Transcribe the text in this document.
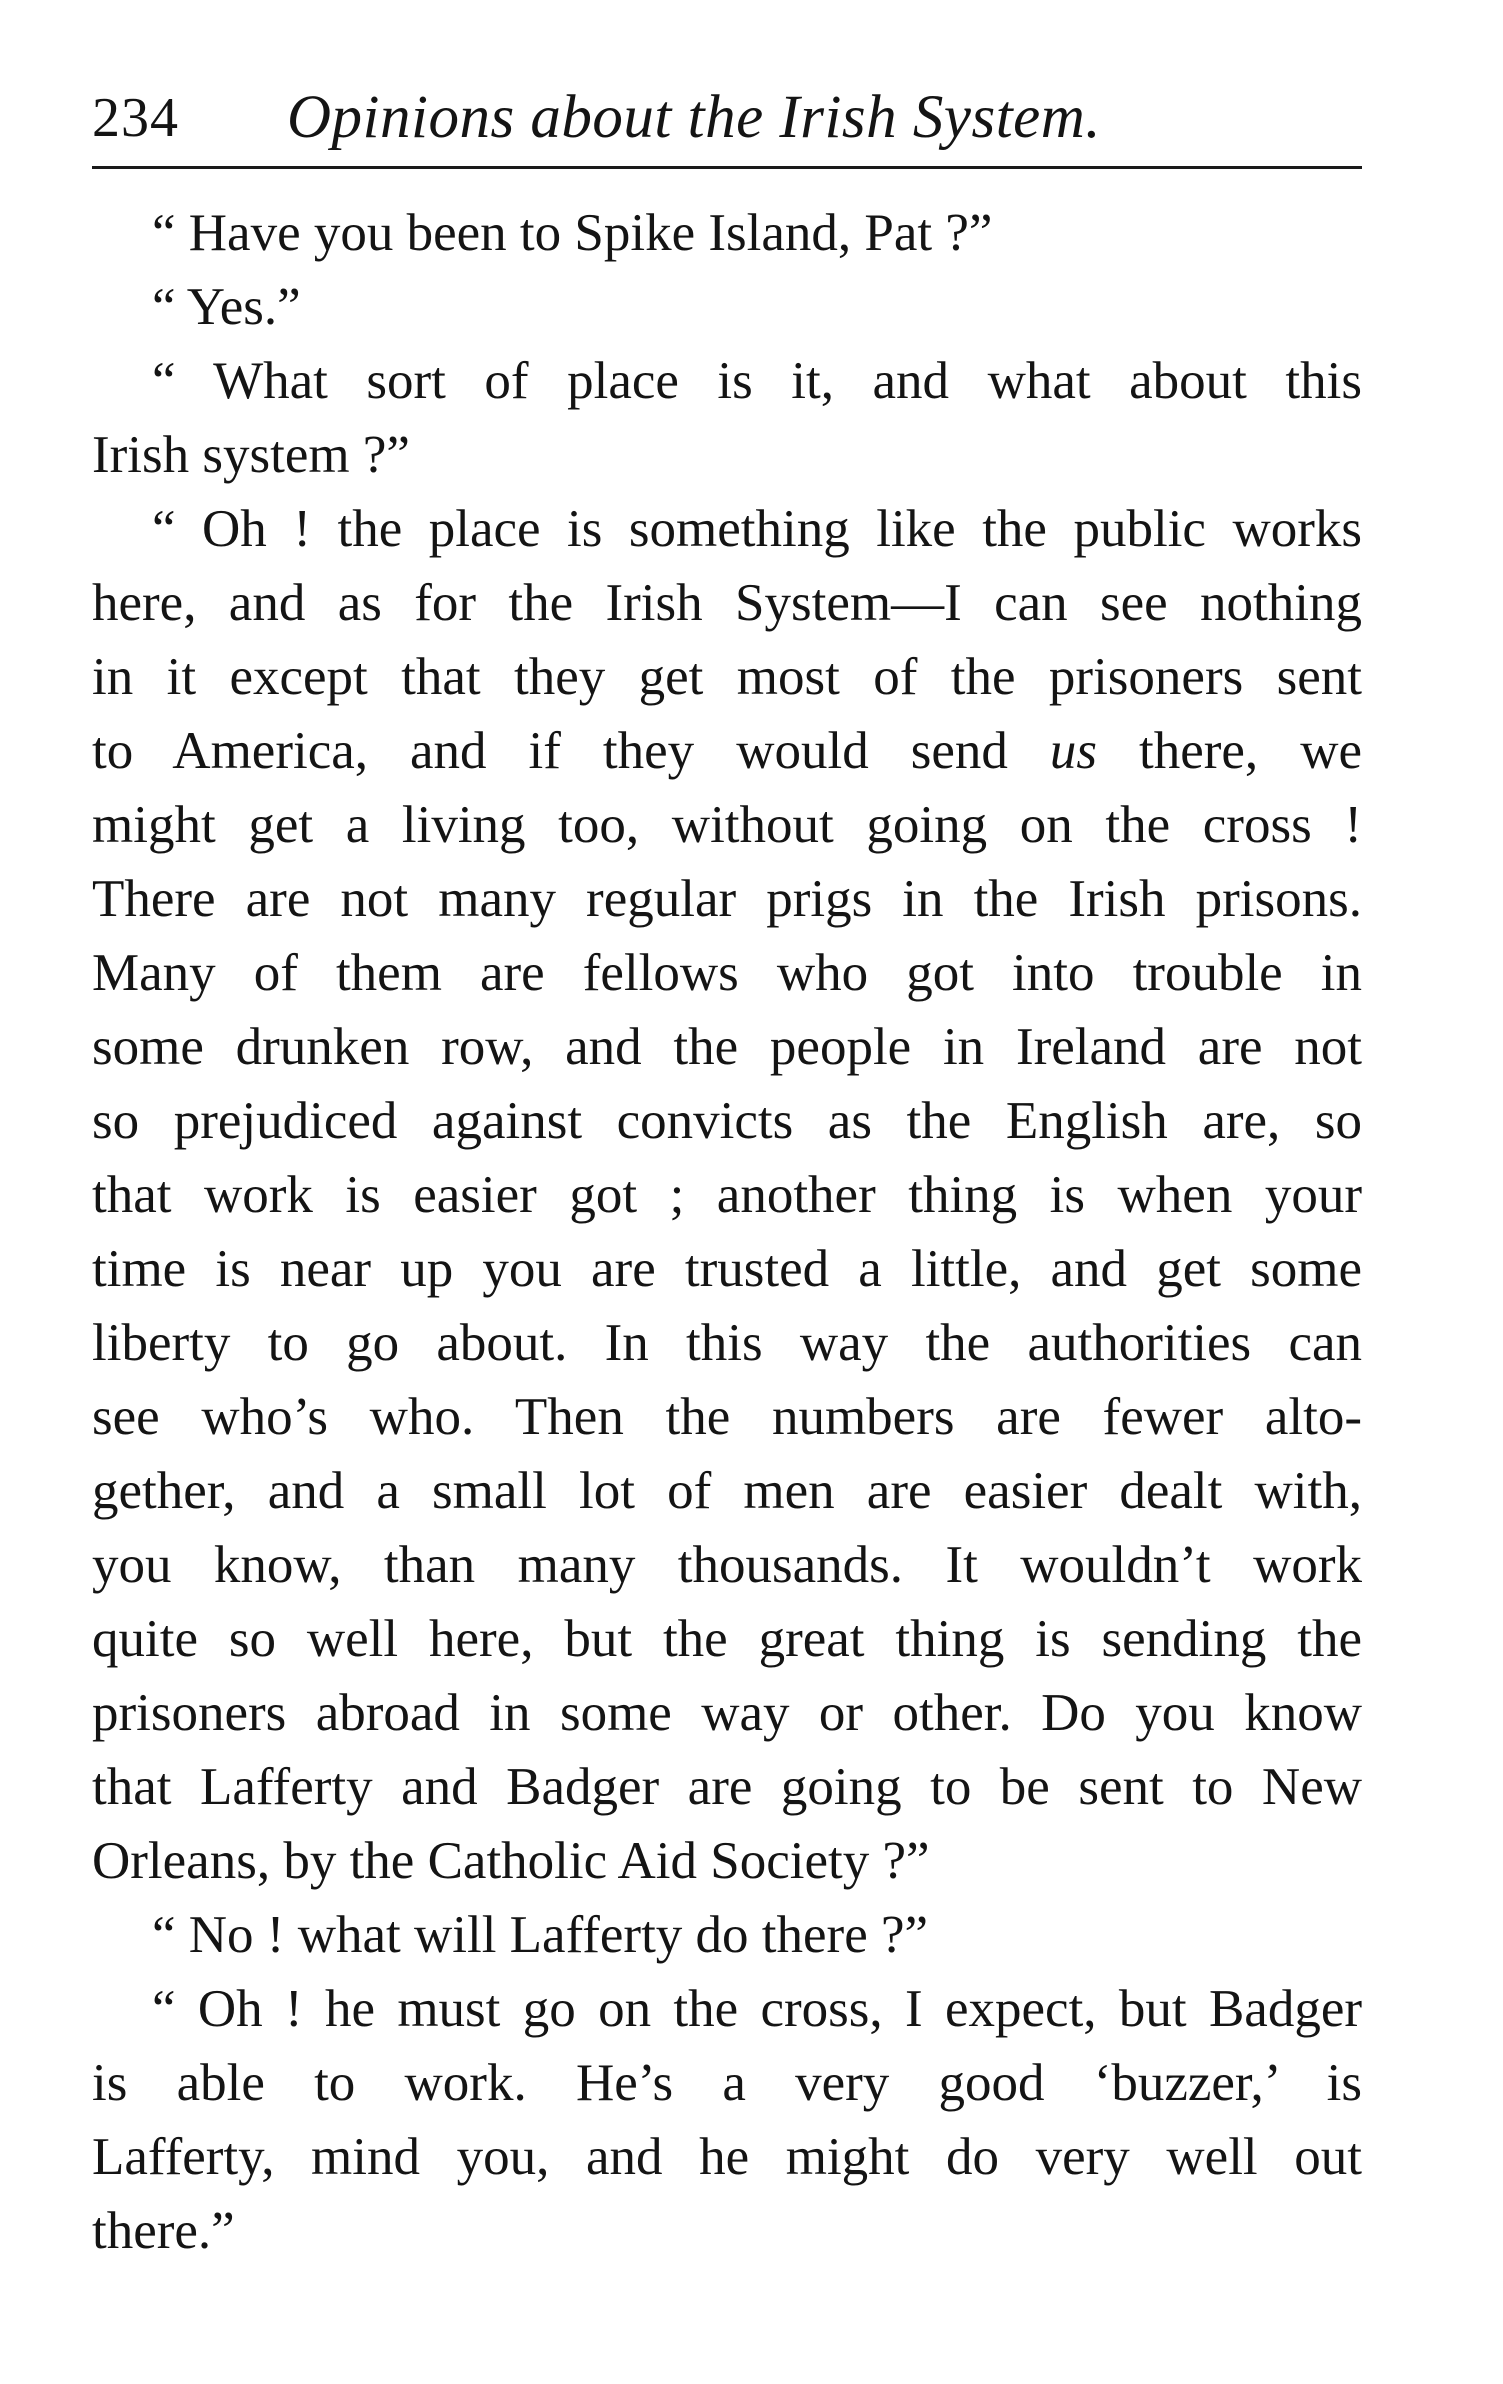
234 Opinions about the Irish System.
“ Have you been to Spike Island, Pat ?”
“ Yes.”
“ What sort of place is it, and what about this
Irish system ?”
“ Oh ! the place is something like the public works
here, and as for the Irish System—I can see nothing
in it except that they get most of the prisoners sent
to America, and if they would send us there, we
might get a living too, without going on the cross !
There are not many regular prigs in the Irish prisons.
Many of them are fellows who got into trouble in
some drunken row, and the people in Ireland are not
so prejudiced against convicts as the English are, so
that work is easier got ; another thing is when your
time is near up you are trusted a little, and get some
liberty to go about. In this way the authorities can
see who’s who. Then the numbers are fewer alto-
gether, and a small lot of men are easier dealt with,
you know, than many thousands. It wouldn’t work
quite so well here, but the great thing is sending the
prisoners abroad in some way or other. Do you know
that Lafferty and Badger are going to be sent to New
Orleans, by the Catholic Aid Society ?”
“ No ! what will Lafferty do there ?”
“ Oh ! he must go on the cross, I expect, but Badger
is able to work. He’s a very good ‘buzzer,’ is
Lafferty, mind you, and he might do very well out
there.”
